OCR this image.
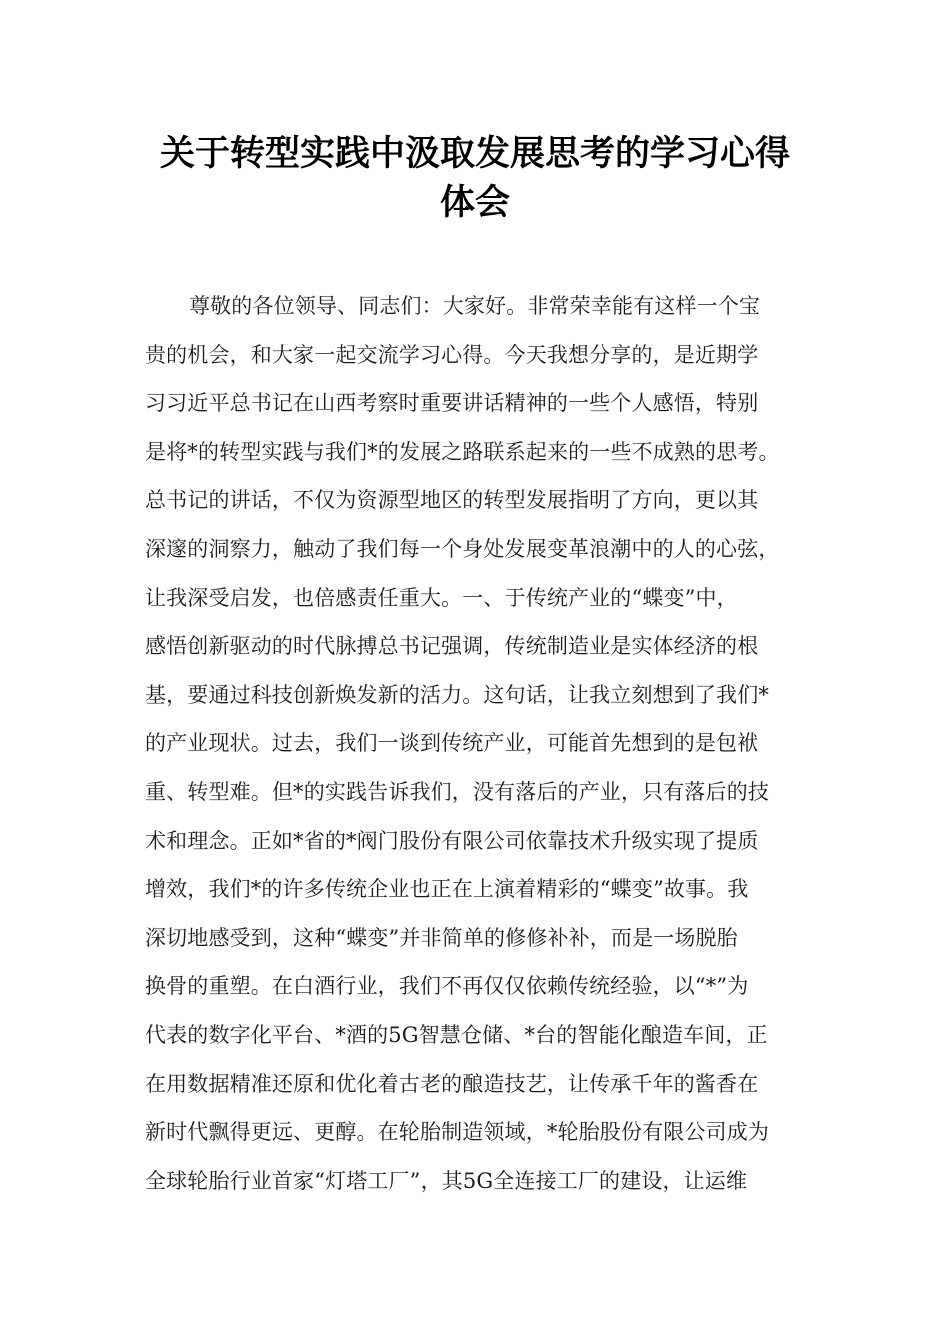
关于转型实践中汲取发展思考的学习心得
体会
尊敬的各位领导、同志们：大家好。非常荣幸能有这样一个宝
贵的机会，和大家一起交流学习心得。今天我想分享的，是近期学
习习近平总书记在山西考察时重要讲话精神的一些个人感悟，特别
是将*的转型实践与我们*的发展之路联系起来的一些不成熟的思考。
总书记的讲话，不仅为资源型地区的转型发展指明了方向，更以其
深邃的洞察力，触动了我们每一个身处发展变革浪潮中的人的心弦，
让我深受启发，也倍感责任重大。一、于传统产业的“蝶变”中，
感悟创新驱动的时代脉搏总书记强调，传统制造业是实体经济的根
基，要通过科技创新焕发新的活力。这句话，让我立刻想到了我们*
的产业现状。过去，我们一谈到传统产业，可能首先想到的是包袱
重、转型难。但*的实践告诉我们，没有落后的产业，只有落后的技
术和理念。正如*省的*阀门股份有限公司依靠技术升级实现了提质
增效，我们*的许多传统企业也正在上演着精彩的“蝶变”故事。我
深切地感受到，这种“蝶变”并非简单的修修补补，而是一场脱胎
换骨的重塑。在白酒行业，我们不再仅仅依赖传统经验，以“*”为
代表的数字化平台、*酒的5G智慧仓储、*台的智能化酿造车间，正
在用数据精准还原和优化着古老的酿造技艺，让传承千年的酱香在
新时代飘得更远、更醇。在轮胎制造领域，*轮胎股份有限公司成为
全球轮胎行业首家“灯塔工厂”，其5G全连接工厂的建设，让运维
